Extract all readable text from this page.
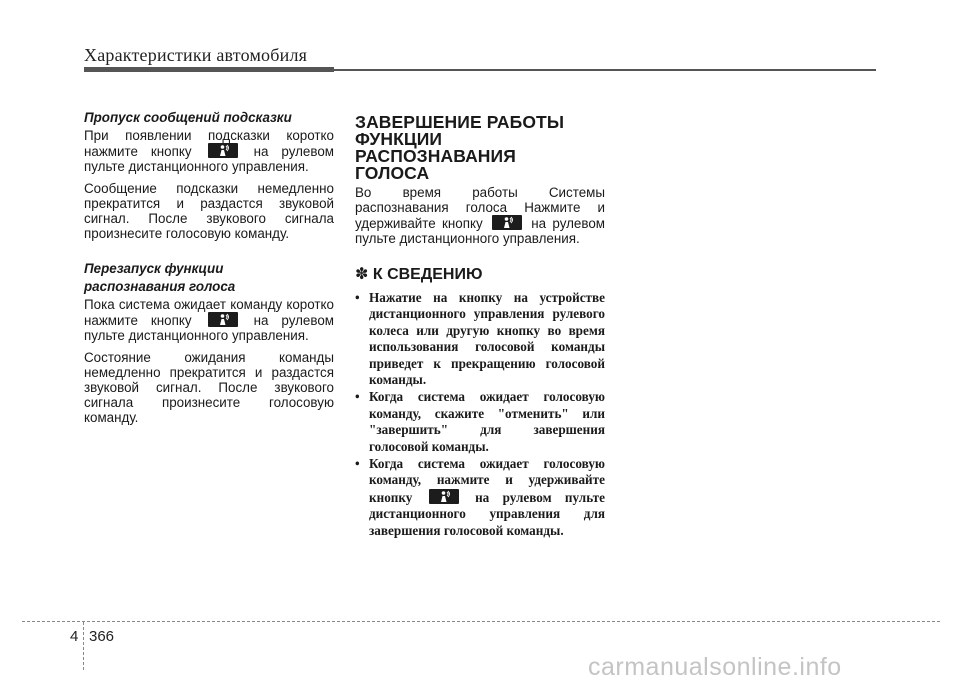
Характеристики автомобиля
Пропуск сообщений подсказки

При появлении подсказки коротко нажмите кнопку	на рулевом пульте дистанционного управления.

Сообщение подсказки немедленно прекратится и раздастся звуковой сигнал. После звукового сигнала произнесите голосовую команду.

Перезапуск функции
распознавания голоса

Пока система ожидает команду коротко нажмите кнопку	на рулевом пульте дистанционного управления.

Состояние ожидания команды немедленно прекратится и раздастся звуковой сигнал. После звукового сигнала произнесите голосовую команду.

ЗАВЕРШЕНИЕ РАБОТЫ
ФУНКЦИИ РАСПОЗНАВАНИЯ
ГОЛОСА

Во время работы Системы распознавания голоса Нажмите и удерживайте кнопку	на рулевом пульте дистанционного управления.

✽ К СВЕДЕНИЮ
• Нажатие на кнопку на устройстве дистанционного управления рулевого колеса или другую кнопку во время использования голосовой команды приведет к прекращению голосовой команды.
• Когда система ожидает голосовую команду, скажите "отменить" или "завершить" для завершения голосовой команды.
• Когда система ожидает голосовую команду, нажмите и удерживайте кнопку	на рулевом пульте дистанционного управления для завершения голосовой команды.
4 366
carmanualsonline.info
